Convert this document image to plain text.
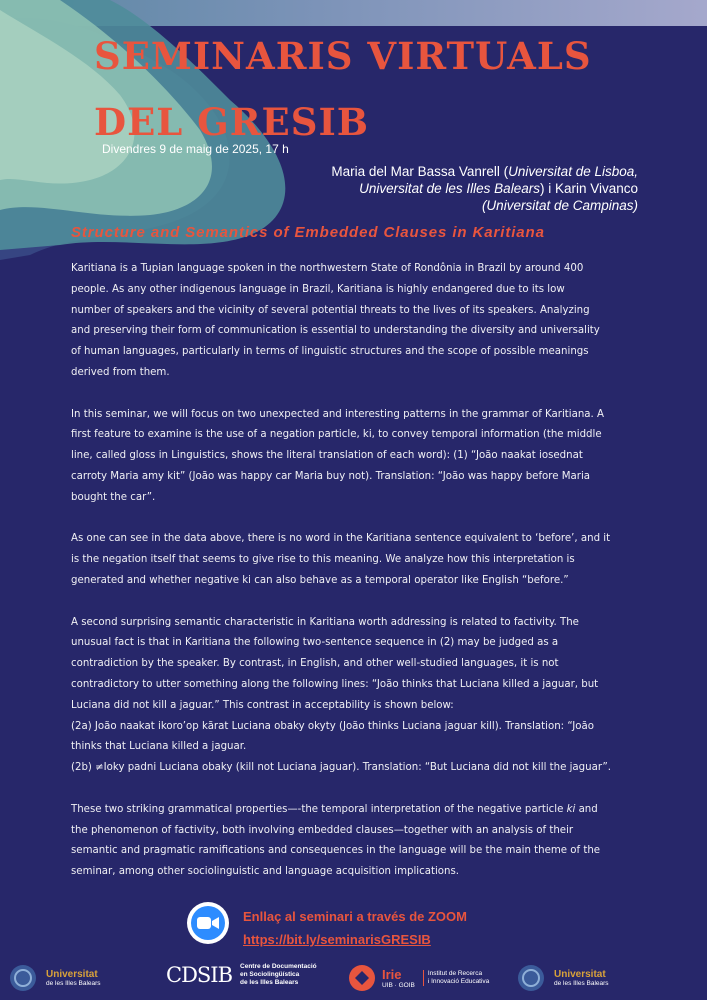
SEMINARIS VIRTUALS
DEL GRESIB
Divendres 9 de maig de 2025, 17 h
Maria del Mar Bassa Vanrell (Universitat de Lisboa,
Universitat de les Illes Balears) i Karin Vivanco
(Universitat de Campinas)
Structure and Semantics of Embedded Clauses in Karitiana

Karitiana is a Tupian language spoken in the northwestern State of Rondônia in Brazil by around 400
people. As any other indigenous language in Brazil, Karitiana is highly endangered due to its low
number of speakers and the vicinity of several potential threats to the lives of its speakers. Analyzing
and preserving their form of communication is essential to understanding the diversity and universality
of human languages, particularly in terms of linguistic structures and the scope of possible meanings
derived from them.

In this seminar, we will focus on two unexpected and interesting patterns in the grammar of Karitiana. A
first feature to examine is the use of a negation particle, ki, to convey temporal information (the middle
line, called gloss in Linguistics, shows the literal translation of each word): (1) “João naakat iosednat
carroty Maria amy kit” (João was happy car Maria buy not). Translation: “João was happy before Maria
bought the car”.

As one can see in the data above, there is no word in the Karitiana sentence equivalent to ‘before’, and it
is the negation itself that seems to give rise to this meaning. We analyze how this interpretation is
generated and whether negative ki can also behave as a temporal operator like English “before.”

A second surprising semantic characteristic in Karitiana worth addressing is related to factivity. The
unusual fact is that in Karitiana the following two-sentence sequence in (2) may be judged as a
contradiction by the speaker. By contrast, in English, and other well-studied languages, it is not
contradictory to utter something along the following lines: “João thinks that Luciana killed a jaguar, but
Luciana did not kill a jaguar.” This contrast in acceptability is shown below:
(2a) João naakat ikoro’op kãrat Luciana obaky okyty (João thinks Luciana jaguar kill). Translation: “João
thinks that Luciana killed a jaguar.
(2b) ≠Ioky padni Luciana obaky (kill not Luciana jaguar). Translation: “But Luciana did not kill the jaguar”.

These two striking grammatical properties—-the temporal interpretation of the negative particle ki and
the phenomenon of factivity, both involving embedded clauses—together with an analysis of their
semantic and pragmatic ramifications and consequences in the language will be the main theme of the
seminar, among other sociolinguistic and language acquisition implications.

Enllaç al seminari a través de ZOOM
https://bit.ly/seminarisGRESIB
Universitat
de les Illes Balears
	CDSIB Centre de Documentació
en Sociolingüística
de les Illes Balears
Irie
UIB · GOIB
Institut de Recerca
i Innovació Educativa
Universitat
de les Illes Balears
